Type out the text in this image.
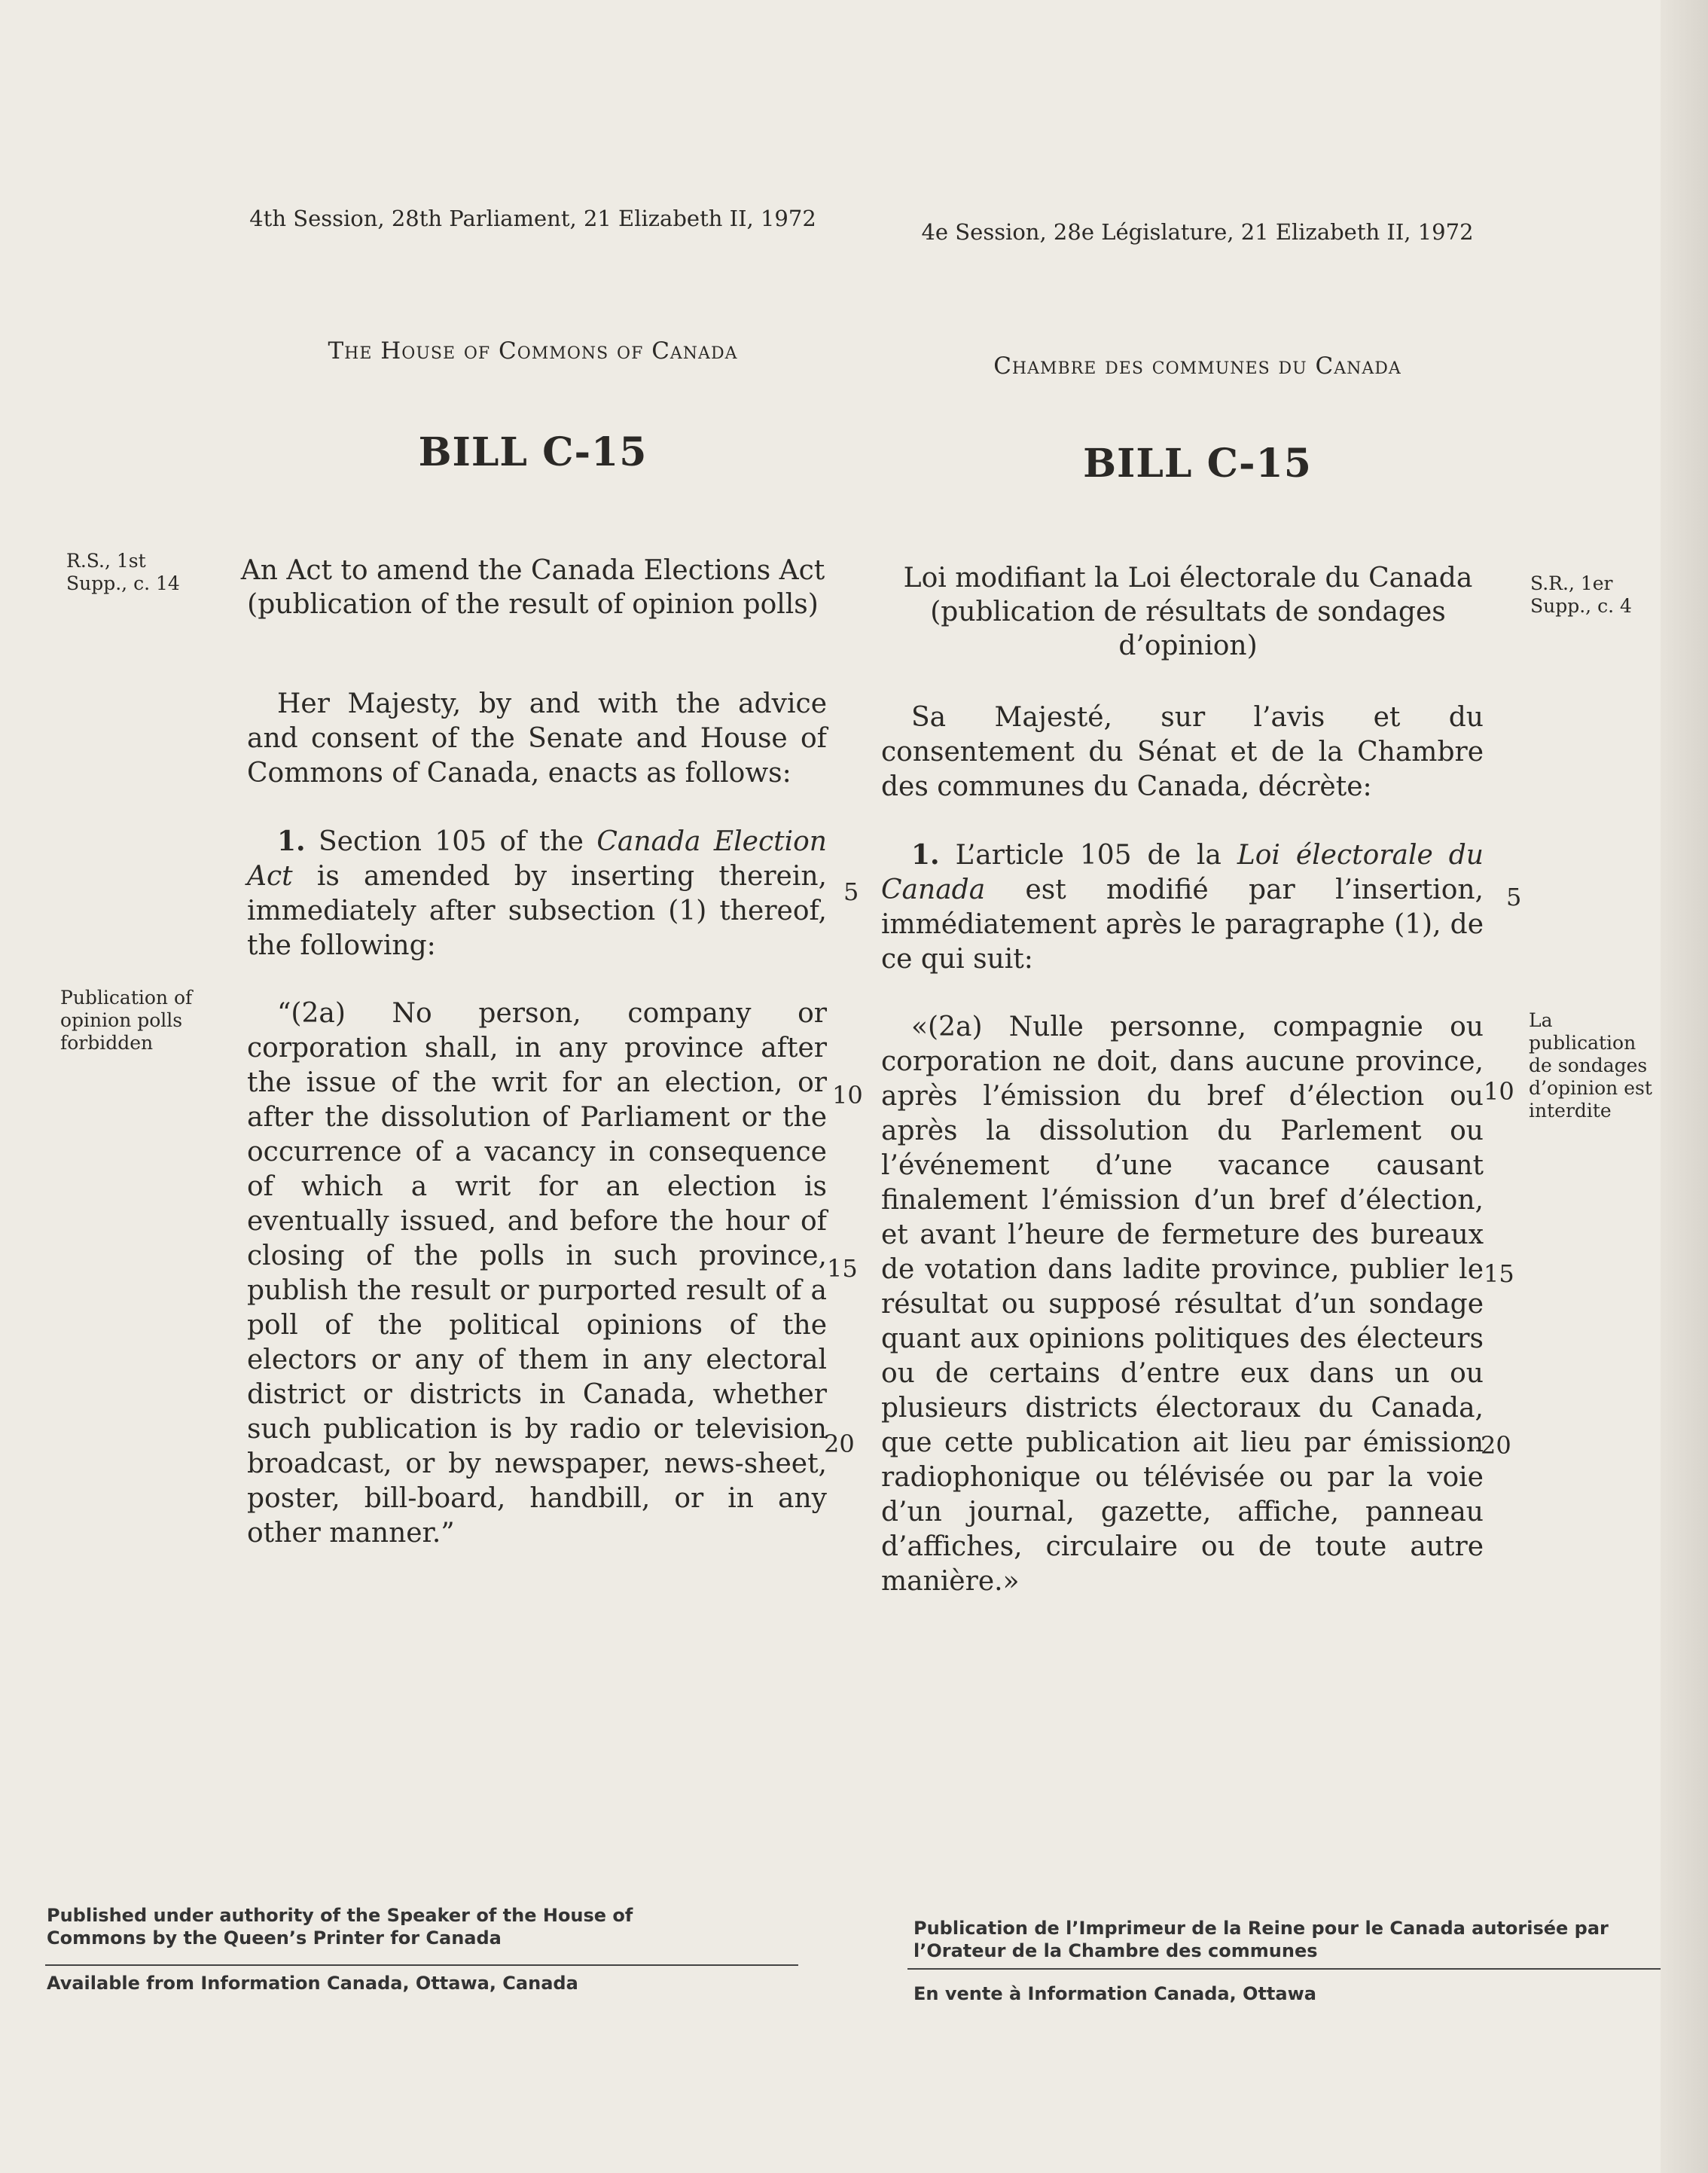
4th Session, 28th Parliament, 21 Elizabeth II, 1972
The House of Commons of Canada
BILL C-15
R.S., 1st Supp., c. 14	An Act to amend the Canada Elections Act (publication of the result of opinion polls)

Her Majesty, by and with the advice and consent of the Senate and House of Commons of Canada, enacts as follows:

1. Section 105 of the Canada Election Act is amended by inserting therein, immediately after subsection (1) thereof, the following:

“(2a) No person, company or corporation shall, in any province after the issue of the writ for an election, or after the dissolution of Parliament or the occurrence of a vacancy in consequence of which a writ for an election is eventually issued, and before the hour of closing of the polls in such province, publish the result or purported result of a poll of the political opinions of the electors or any of them in any electoral district or districts in Canada, whether such publication is by radio or television broadcast, or by newspaper, news-sheet, poster, bill-board, handbill, or in any other manner.”

Publication of opinion polls forbidden
5
10
15
20
Published under authority of the Speaker of the House of Commons by the Queen’s Printer for Canada
Available from Information Canada, Ottawa, Canada
4e Session, 28e Législature, 21 Elizabeth II, 1972
Chambre des communes du Canada
BILL C-15
Loi modifiant la Loi électorale du Canada (publication de résultats de sondages d’opinion)
S.R., 1er Supp., c. 4

Sa Majesté, sur l’avis et du consentement du Sénat et de la Chambre des communes du Canada, décrète:

1. L’article 105 de la Loi électorale du Canada est modifié par l’insertion, immédiatement après le paragraphe (1), de ce qui suit:

«(2a) Nulle personne, compagnie ou corporation ne doit, dans aucune province, après l’émission du bref d’élection ou après la dissolution du Parlement ou l’événement d’une vacance causant finalement l’émission d’un bref d’élection, et avant l’heure de fermeture des bureaux de votation dans ladite province, publier le résultat ou supposé résultat d’un sondage quant aux opinions politiques des électeurs ou de certains d’entre eux dans un ou plusieurs districts électoraux du Canada, que cette publication ait lieu par émission radiophonique ou télévisée ou par la voie d’un journal, gazette, affiche, panneau d’affiches, circulaire ou de toute autre manière.»

La publication de sondages d’opinion est interdite
5
10
15
20
Publication de l’Imprimeur de la Reine pour le Canada autorisée par l’Orateur de la Chambre des communes
En vente à Information Canada, Ottawa
